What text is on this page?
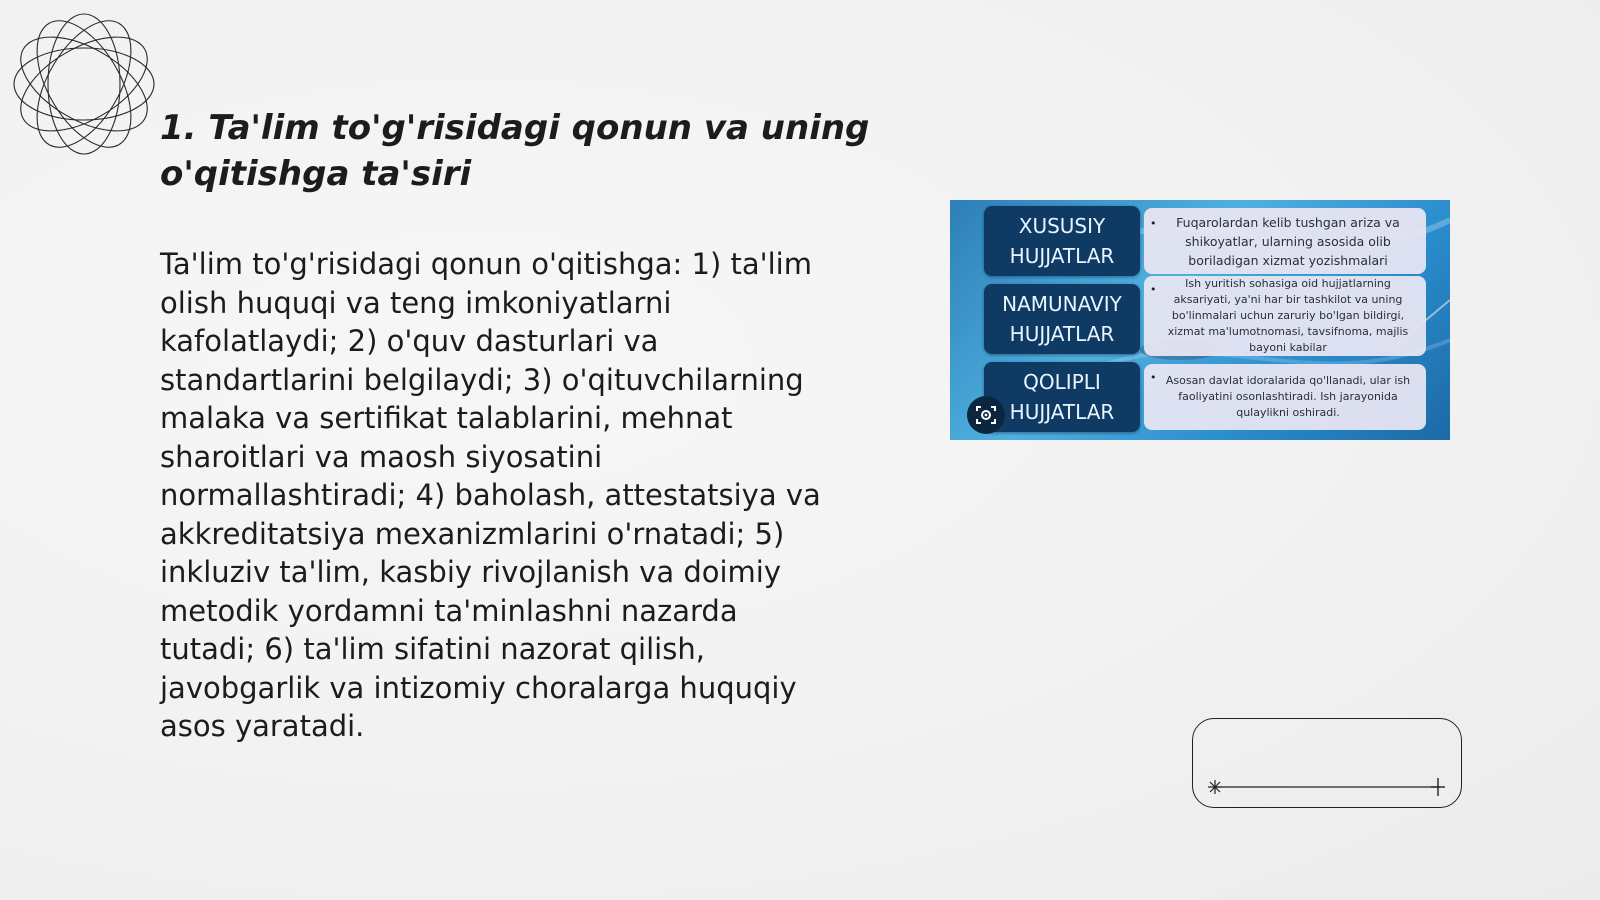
1. Ta'lim to'g'risidagi qonun va uning o'qitishga ta'siri

Ta'lim to'g'risidagi qonun o'qitishga: 1) ta'lim olish huquqi va teng imkoniyatlarni kafolatlaydi; 2) o'quv dasturlari va standartlarini belgilaydi; 3) o'qituvchilarning malaka va sertifikat talablarini, mehnat sharoitlari va maosh siyosatini normallashtiradi; 4) baholash, attestatsiya va akkreditatsiya mexanizmlarini o'rnatadi; 5) inkluziv ta'lim, kasbiy rivojlanish va doimiy metodik yordamni ta'minlashni nazarda tutadi; 6) ta'lim sifatini nazorat qilish, javobgarlik va intizomiy choralarga huquqiy asos yaratadi.

XUSUSIY
HUJJATLAR
•	Fuqarolardan kelib tushgan ariza va shikoyatlar, ularning asosida olib boriladigan xizmat yozishmalari
NAMUNAVIY
HUJJATLAR
•	Ish yuritish sohasiga oid hujjatlarning aksariyati, ya'ni har bir tashkilot va uning bo'linmalari uchun zaruriy bo'lgan bildirgi, xizmat ma'lumotnomasi, tavsifnoma, majlis bayoni kabilar
QOLIPLI
HUJJATLAR
• Asosan davlat idoralarida qo'llanadi, ular ish faoliyatini osonlashtiradi. Ish jarayonida qulaylikni oshiradi.
